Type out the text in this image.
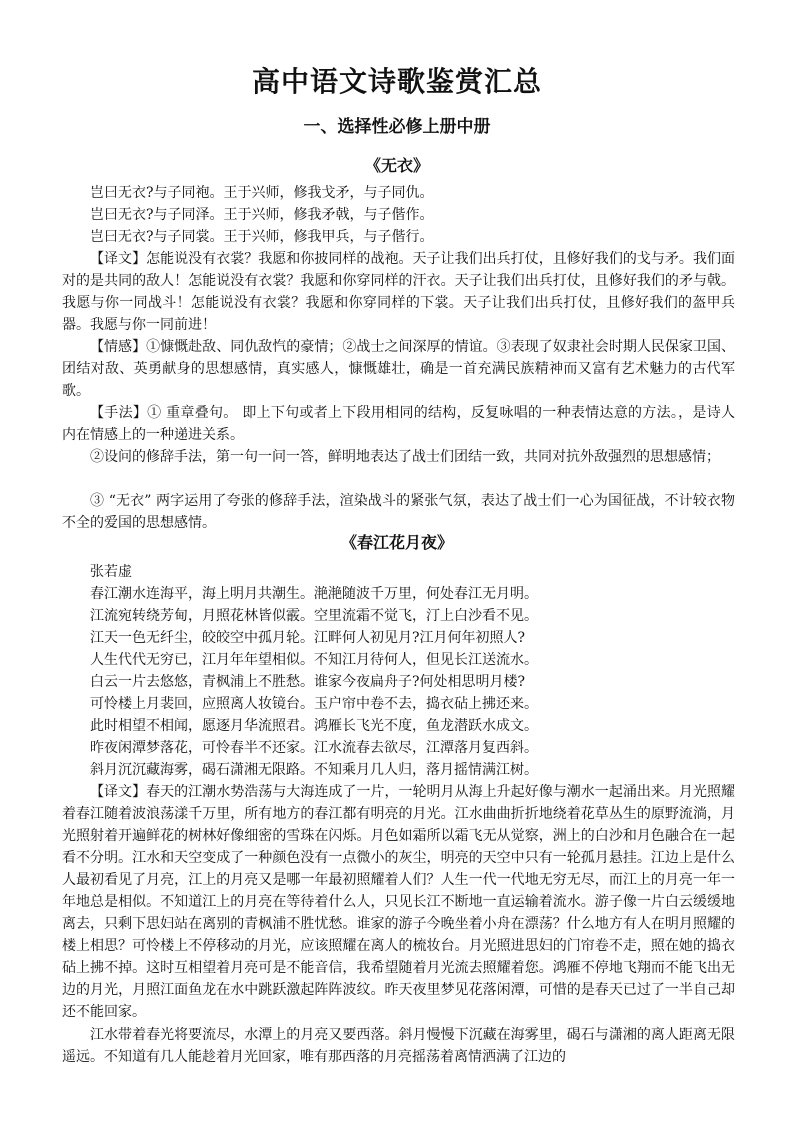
高中语文诗歌鉴赏汇总
一、选择性必修上册中册
《无衣》
岂曰无衣?与子同袍。王于兴师，修我戈矛，与子同仇。
岂曰无衣?与子同泽。王于兴师，修我矛戟，与子偕作。
岂曰无衣?与子同裳。王于兴师，修我甲兵，与子偕行。
【译文】怎能说没有衣裳？我愿和你披同样的战袍。天子让我们出兵打仗，且修好我们的戈与矛。我们面对的是共同的敌人！怎能说没有衣裳？我愿和你穿同样的汗衣。天子让我们出兵打仗，且修好我们的矛与戟。我愿与你一同战斗！怎能说没有衣裳？我愿和你穿同样的下裳。天子让我们出兵打仗，且修好我们的盔甲兵器。我愿与你一同前进！
【情感】①慷慨赴敌、同仇敌忾的豪情；②战士之间深厚的情谊。③表现了奴隶社会时期人民保家卫国、团结对敌、英勇献身的思想感情，真实感人，慷慨雄壮，确是一首充满民族精神而又富有艺术魅力的古代军歌。
【手法】① 重章叠句。 即上下句或者上下段用相同的结构，反复咏唱的一种表情达意的方法。，是诗人内在情感上的一种递进关系。
②设问的修辞手法，第一句一问一答，鲜明地表达了战士们团结一致，共同对抗外敌强烈的思想感情；
③ “无衣” 两字运用了夸张的修辞手法，渲染战斗的紧张气氛，表达了战士们一心为国征战，不计较衣物不全的爱国的思想感情。
《春江花月夜》
张若虚
春江潮水连海平，海上明月共潮生。滟滟随波千万里，何处春江无月明。
江流宛转绕芳甸，月照花林皆似霰。空里流霜不觉飞，汀上白沙看不见。
江天一色无纤尘，皎皎空中孤月轮。江畔何人初见月?江月何年初照人?
人生代代无穷已，江月年年望相似。不知江月待何人，但见长江送流水。
白云一片去悠悠，青枫浦上不胜愁。谁家今夜扁舟子?何处相思明月楼?
可怜楼上月裴回，应照离人妆镜台。玉户帘中卷不去，捣衣砧上拂还来。
此时相望不相闻，愿逐月华流照君。鸿雁长飞光不度，鱼龙潜跃水成文。
昨夜闲潭梦落花，可怜春半不还家。江水流春去欲尽，江潭落月复西斜。
斜月沉沉藏海雾，碣石潇湘无限路。不知乘月几人归，落月摇情满江树。
【译文】春天的江潮水势浩荡与大海连成了一片，一轮明月从海上升起好像与潮水一起涌出来。月光照耀着春江随着波浪荡漾千万里，所有地方的春江都有明亮的月光。江水曲曲折折地绕着花草丛生的原野流淌，月光照射着开遍鲜花的树林好像细密的雪珠在闪烁。月色如霜所以霜飞无从觉察，洲上的白沙和月色融合在一起看不分明。江水和天空变成了一种颜色没有一点微小的灰尘，明亮的天空中只有一轮孤月悬挂。江边上是什么人最初看见了月亮，江上的月亮又是哪一年最初照耀着人们？人生一代一代地无穷无尽，而江上的月亮一年一年地总是相似。不知道江上的月亮在等待着什么人，只见长江不断地一直运输着流水。游子像一片白云缓缓地离去，只剩下思妇站在离别的青枫浦不胜忧愁。谁家的游子今晚坐着小舟在漂荡？什么地方有人在明月照耀的楼上相思？可怜楼上不停移动的月光，应该照耀在离人的梳妆台。月光照进思妇的门帘卷不走，照在她的捣衣砧上拂不掉。这时互相望着月亮可是不能音信，我希望随着月光流去照耀着您。鸿雁不停地飞翔而不能飞出无边的月光，月照江面鱼龙在水中跳跃激起阵阵波纹。昨天夜里梦见花落闲潭，可惜的是春天已过了一半自己却还不能回家。
江水带着春光将要流尽，水潭上的月亮又要西落。斜月慢慢下沉藏在海雾里，碣石与潇湘的离人距离无限遥远。不知道有几人能趁着月光回家，唯有那西落的月亮摇荡着离情洒满了江边的
